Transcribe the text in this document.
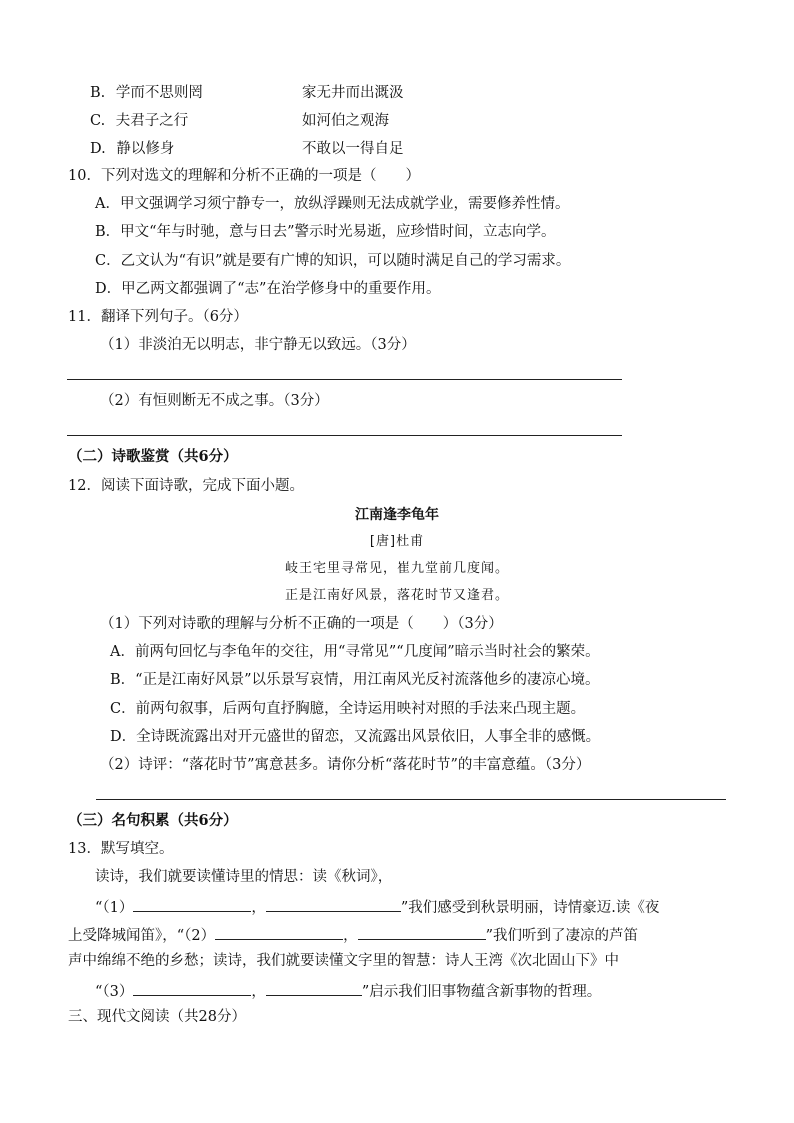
B. 学而不思则罔	家无井而出溉汲
C. 夫君子之行	如河伯之观海
D. 静以修身	不敢以一得自足
10．下列对选文的理解和分析不正确的一项是（　　）
A．甲文强调学习须宁静专一，放纵浮躁则无法成就学业，需要修养性情。
B．甲文“年与时驰，意与日去”警示时光易逝，应珍惜时间，立志向学。
C．乙文认为“有识”就是要有广博的知识，可以随时满足自己的学习需求。
D．甲乙两文都强调了“志”在治学修身中的重要作用。
11．翻译下列句子。（6分）
（1）非淡泊无以明志，非宁静无以致远。（3分）
（2）有恒则断无不成之事。（3分）
（二）诗歌鉴赏（共6分）
12．阅读下面诗歌，完成下面小题。
江南逢李龟年
[唐]杜甫
岐王宅里寻常见，崔九堂前几度闻。
正是江南好风景，落花时节又逢君。
（1）下列对诗歌的理解与分析不正确的一项是（　　）（3分）
A．前两句回忆与李龟年的交往，用“寻常见”“几度闻”暗示当时社会的繁荣。
B．“正是江南好风景”以乐景写哀情，用江南风光反衬流落他乡的凄凉心境。
C．前两句叙事，后两句直抒胸臆，全诗运用映衬对照的手法来凸现主题。
D．全诗既流露出对开元盛世的留恋，又流露出风景依旧，人事全非的感慨。
（2）诗评：“落花时节”寓意甚多。请你分析“落花时节”的丰富意蕴。（3分）
（三）名句积累（共6分）
13．默写填空。
读诗，我们就要读懂诗里的情思：读《秋词》，
“（1）	，	”我们感受到秋景明丽，诗情豪迈.读《夜
上受降城闻笛》，“（2）	，	”我们听到了凄凉的芦笛
声中绵绵不绝的乡愁；读诗，我们就要读懂文字里的智慧：诗人王湾《次北固山下》中
“（3）	，	”启示我们旧事物蕴含新事物的哲理。
三、现代文阅读（共28分）
